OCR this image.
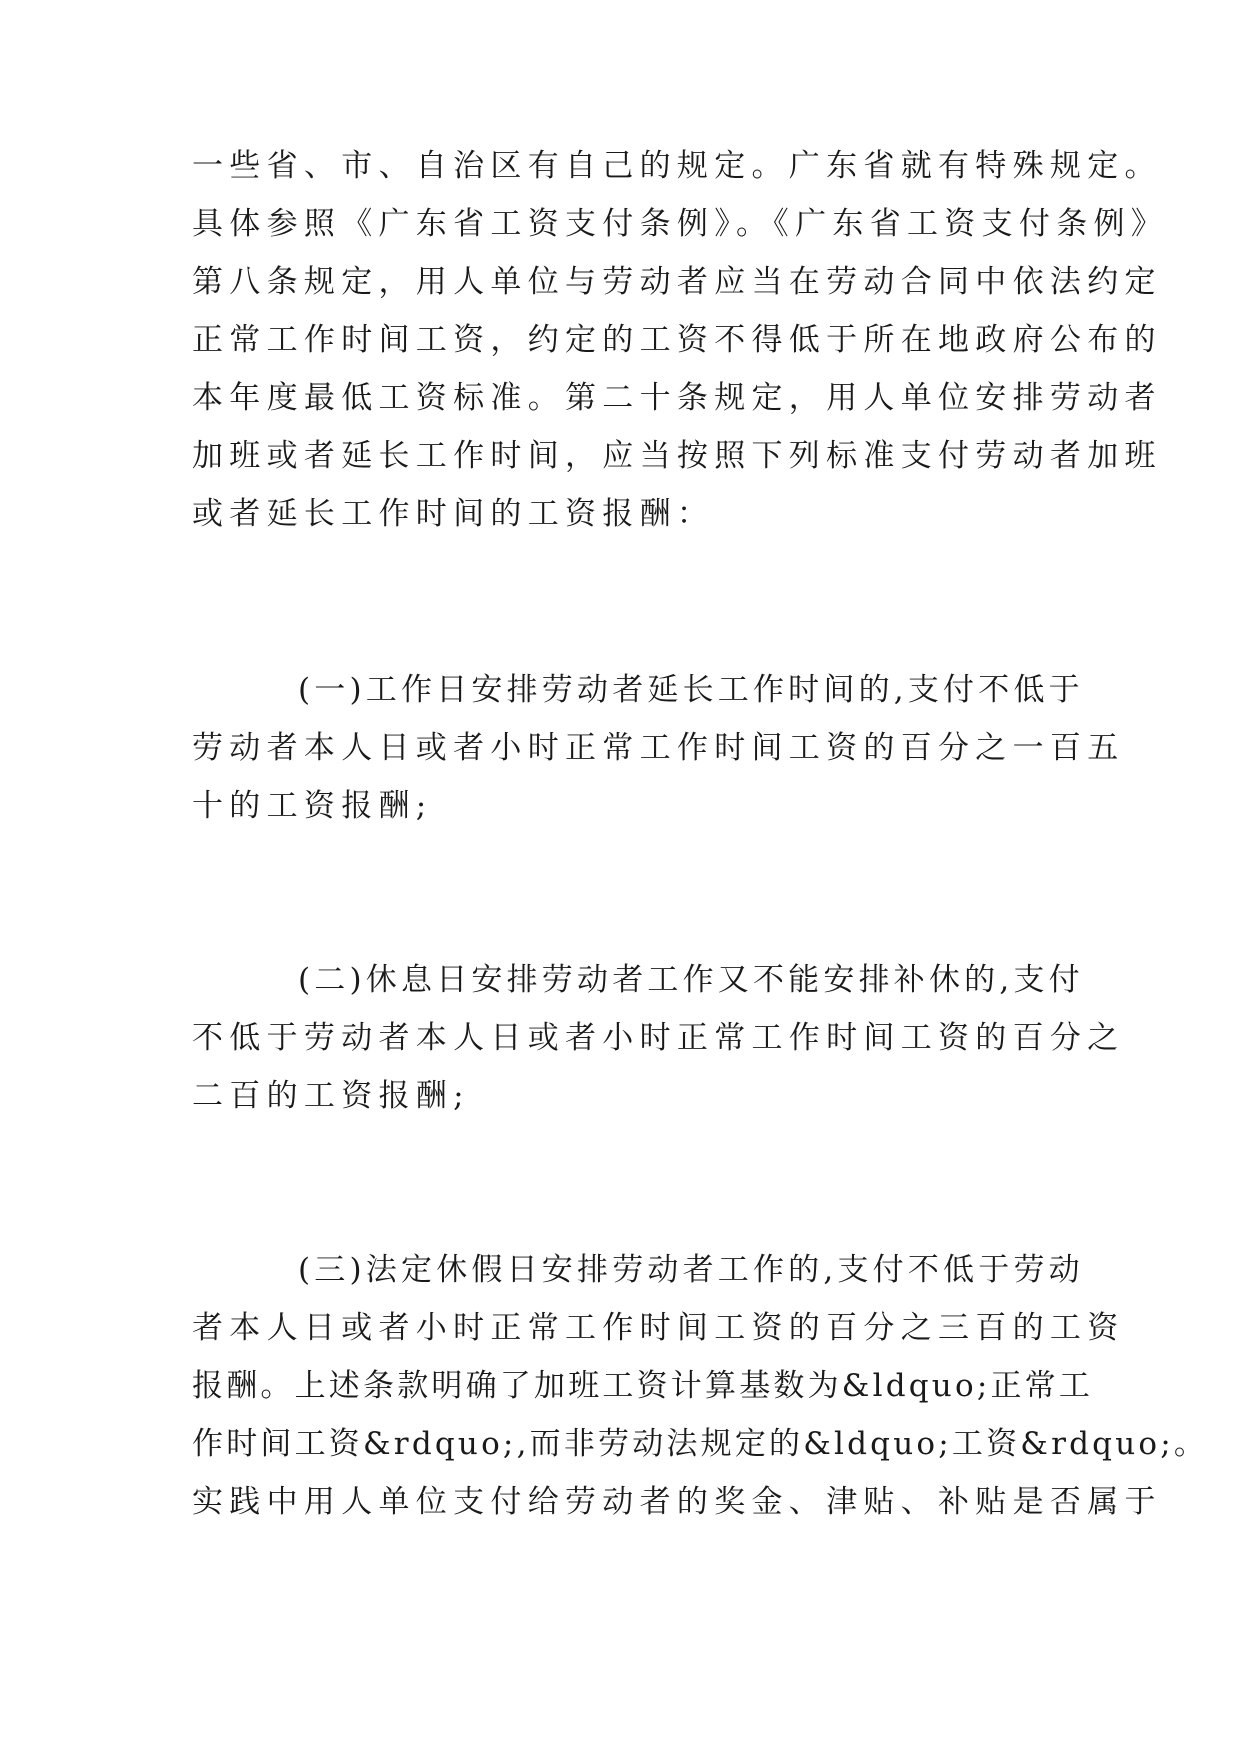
一些省、市、自治区有自己的规定。广东省就有特殊规定。
具体参照《广东省工资支付条例》。《广东省工资支付条例》
第八条规定，用人单位与劳动者应当在劳动合同中依法约定
正常工作时间工资，约定的工资不得低于所在地政府公布的
本年度最低工资标准。第二十条规定，用人单位安排劳动者
加班或者延长工作时间，应当按照下列标准支付劳动者加班
或者延长工作时间的工资报酬：
(一)工作日安排劳动者延长工作时间的,支付不低于
劳动者本人日或者小时正常工作时间工资的百分之一百五
十的工资报酬;
(二)休息日安排劳动者工作又不能安排补休的,支付
不低于劳动者本人日或者小时正常工作时间工资的百分之
二百的工资报酬;
(三)法定休假日安排劳动者工作的,支付不低于劳动
者本人日或者小时正常工作时间工资的百分之三百的工资
报酬。上述条款明确了加班工资计算基数为&ldquo;正常工
作时间工资&rdquo;,而非劳动法规定的&ldquo;工资&rdquo;。
实践中用人单位支付给劳动者的奖金、津贴、补贴是否属于
